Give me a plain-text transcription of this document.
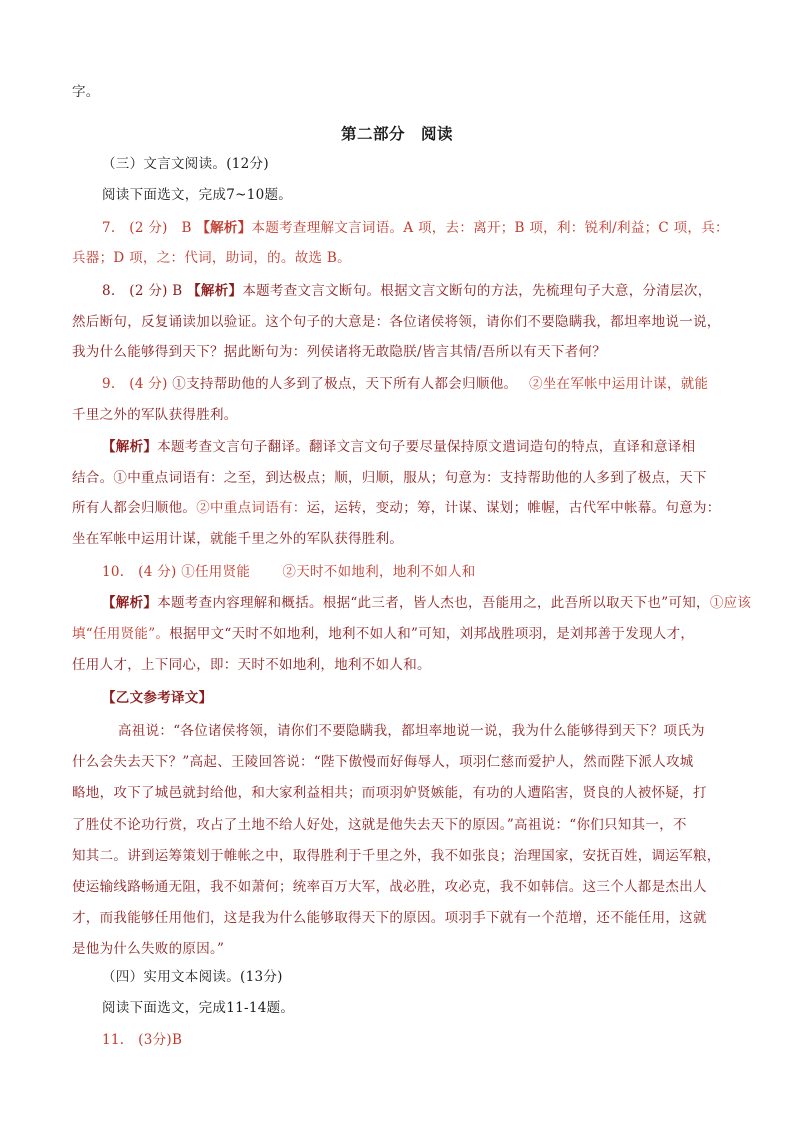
字。
第二部分　阅读
（三）文言文阅读。(12分)
阅读下面选文，完成7~10题。
7.　(2 分)　B 【解析】本题考查理解文言词语。A 项，去：离开；B 项，利：锐利/利益；C 项，兵：
兵器；D 项，之：代词，助词，的。故选 B。
8.　(2 分) B 【解析】本题考查文言文断句。根据文言文断句的方法，先梳理句子大意，分清层次，
然后断句，反复诵读加以验证。这个句子的大意是：各位诸侯将领，请你们不要隐瞒我，都坦率地说一说，
我为什么能够得到天下？据此断句为：列侯诸将无敢隐朕/皆言其情/吾所以有天下者何？
9.　(4 分) ①支持帮助他的人多到了极点，天下所有人都会归顺他。　 ②坐在军帐中运用计谋，就能
千里之外的军队获得胜利。
【解析】本题考查文言句子翻译。翻译文言文句子要尽量保持原文遣词造句的特点，直译和意译相
结合。①中重点词语有：之至，到达极点；顺，归顺，服从；句意为：支持帮助他的人多到了极点，天下
所有人都会归顺他。②中重点词语有：运，运转，变动；筹，计谋、谋划；帷幄，古代军中帐幕。句意为：
坐在军帐中运用计谋，就能千里之外的军队获得胜利。
10.　(4 分) ①任用贤能　　 ②天时不如地利，地利不如人和
【解析】本题考查内容理解和概括。根据“此三者，皆人杰也，吾能用之，此吾所以取天下也”可知，①应该
填“任用贤能”。根据甲文“天时不如地利，地利不如人和”可知，刘邦战胜项羽，是刘邦善于发现人才，
任用人才，上下同心，即：天时不如地利，地利不如人和。
【乙文参考译文】
高祖说：“各位诸侯将领，请你们不要隐瞒我，都坦率地说一说，我为什么能够得到天下？项氏为
什么会失去天下？”高起、王陵回答说：“陛下傲慢而好侮辱人，项羽仁慈而爱护人，然而陛下派人攻城
略地，攻下了城邑就封给他，和大家利益相共；而项羽妒贤嫉能，有功的人遭陷害，贤良的人被怀疑，打
了胜仗不论功行赏，攻占了土地不给人好处，这就是他失去天下的原因。”高祖说：“你们只知其一，不
知其二。讲到运筹策划于帷帐之中，取得胜利于千里之外，我不如张良；治理国家，安抚百姓，调运军粮，
使运输线路畅通无阻，我不如萧何；统率百万大军，战必胜，攻必克，我不如韩信。这三个人都是杰出人
才，而我能够任用他们，这是我为什么能够取得天下的原因。项羽手下就有一个范增，还不能任用，这就
是他为什么失败的原因。”
（四）实用文本阅读。(13分)
阅读下面选文，完成11-14题。
11.　(3分)B
